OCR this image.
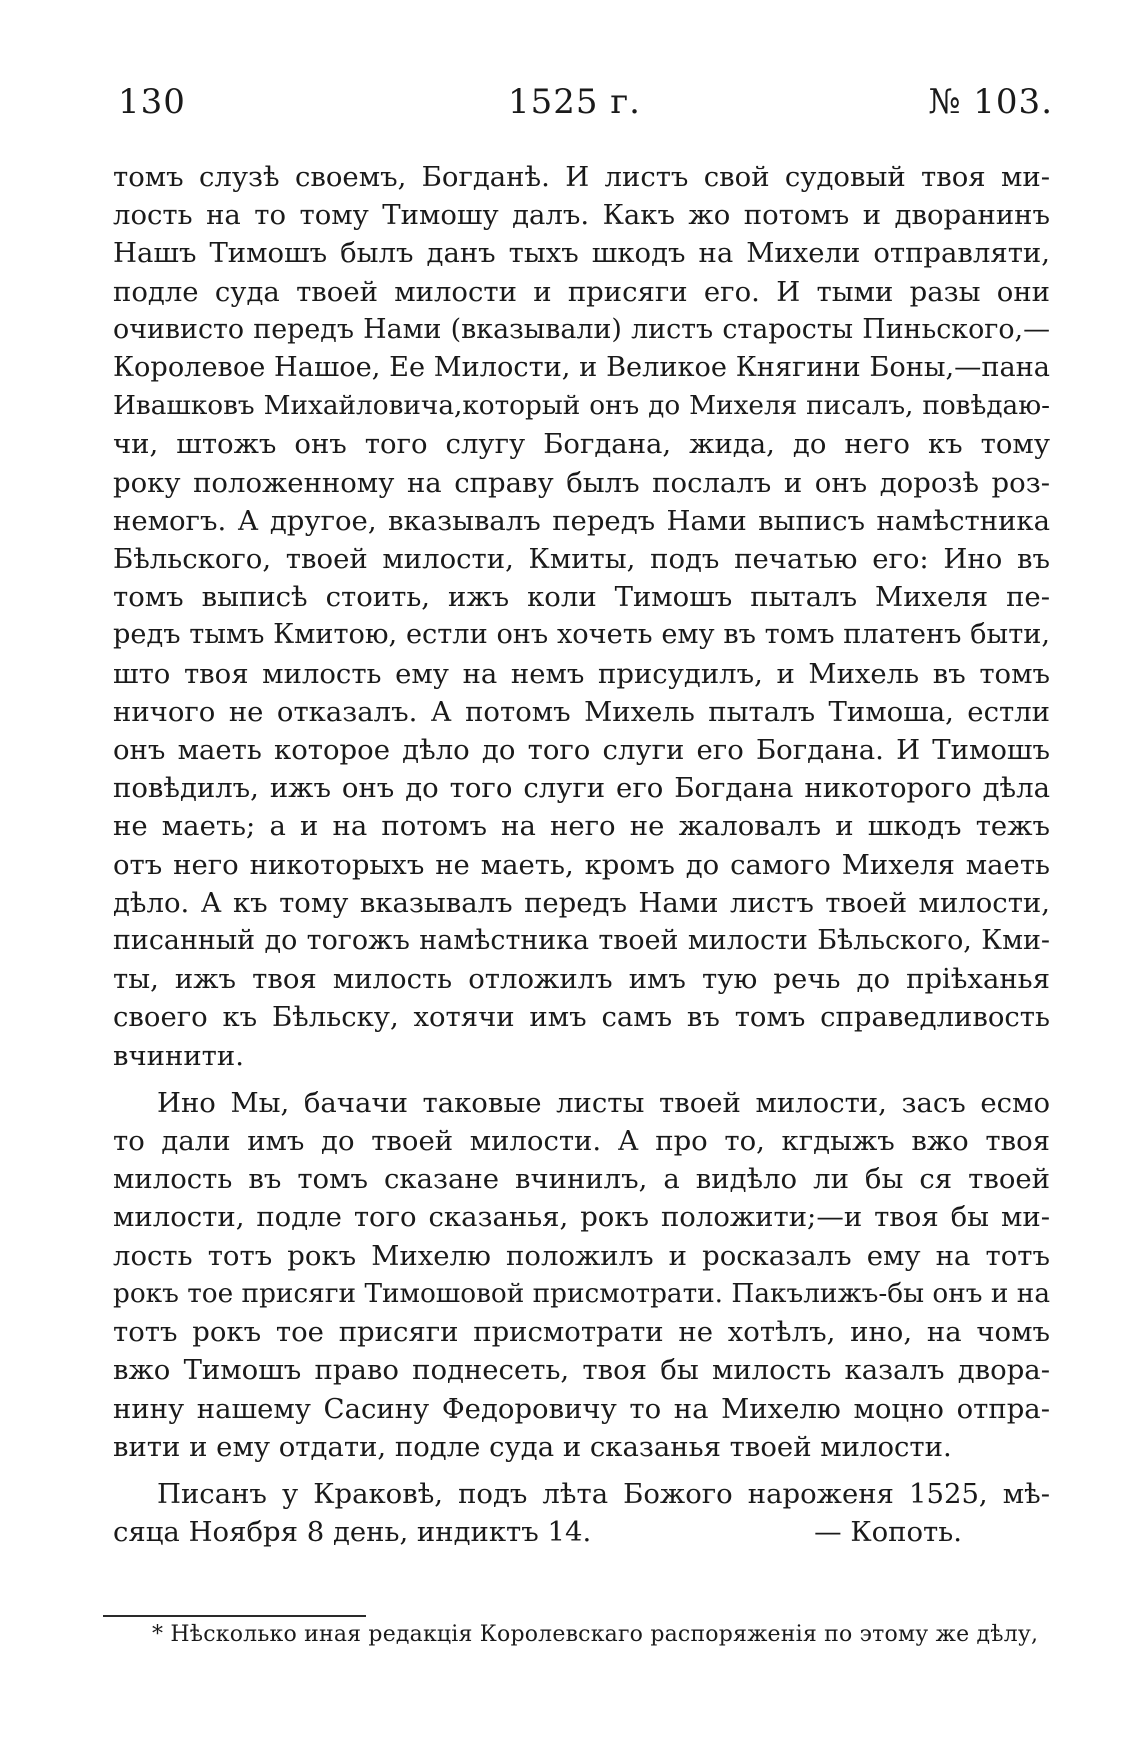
130	1525 г.	№ 103.
томъ слузѣ своемъ, Богданѣ. И листъ свой судовый твоя ми-
лость на то тому Тимошу далъ. Какъ жо потомъ и дворанинъ
Нашъ Тимошъ былъ данъ тыхъ шкодъ на Михели отправляти,
подле суда твоей милости и присяги его. И тыми разы они
очивисто передъ Нами (вказывали) листъ старосты Пиньского,—
Королевое Нашое, Ее Милости, и Великое Княгини Боны,—пана
Ивашковъ Михайловича,который онъ до Михеля писалъ, повѣдаю-
чи, штожъ онъ того слугу Богдана, жида, до него къ тому
року положенному на справу былъ послалъ и онъ дорозѣ роз-
немогъ. А другое, вказывалъ передъ Нами выписъ намѣстника
Бѣльского, твоей милости, Кмиты, подъ печатью его: Ино въ
томъ выписѣ стоить, ижъ коли Тимошъ пыталъ Михеля пе-
редъ тымъ Кмитою, естли онъ хочеть ему въ томъ платенъ быти,
што твоя милость ему на немъ присудилъ, и Михель въ томъ
ничого не отказалъ. А потомъ Михель пыталъ Тимоша, естли
онъ маеть которое дѣло до того слуги его Богдана. И Тимошъ
повѣдилъ, ижъ онъ до того слуги его Богдана никоторого дѣла
не маеть; а и на потомъ на него не жаловалъ и шкодъ тежъ
отъ него никоторыхъ не маеть, кромъ до самого Михеля маеть
дѣло. А къ тому вказывалъ передъ Нами листъ твоей милости,
писанный до тогожъ намѣстника твоей милости Бѣльского, Кми-
ты, ижъ твоя милость отложилъ имъ тую речь до прiѣханья
своего къ Бѣльску, хотячи имъ самъ въ томъ справедливость
вчинити.
Ино Мы, бачачи таковые листы твоей милости, засъ есмо
то дали имъ до твоей милости. А про то, кгдыжъ вжо твоя
милость въ томъ сказане вчинилъ, а видѣло ли бы ся твоей
милости, подле того сказанья, рокъ положити;—и твоя бы ми-
лость тотъ рокъ Михелю положилъ и росказалъ ему на тотъ
рокъ тое присяги Тимошовой присмотрати. Пакълижъ-бы онъ и на
тотъ рокъ тое присяги присмотрати не хотѣлъ, ино, на чомъ
вжо Тимошъ право поднесеть, твоя бы милость казалъ двора-
нину нашему Сасину Федоровичу то на Михелю моцно отпра-
вити и ему отдати, подле суда и сказанья твоей милости.
Писанъ у Краковѣ, подъ лѣта Божого нароженя 1525, мѣ-
сяца Ноября 8 день, индиктъ 14.	— Копоть.
* Нѣсколько иная редакція Королевскаго распоряженія по этому же дѣлу,
